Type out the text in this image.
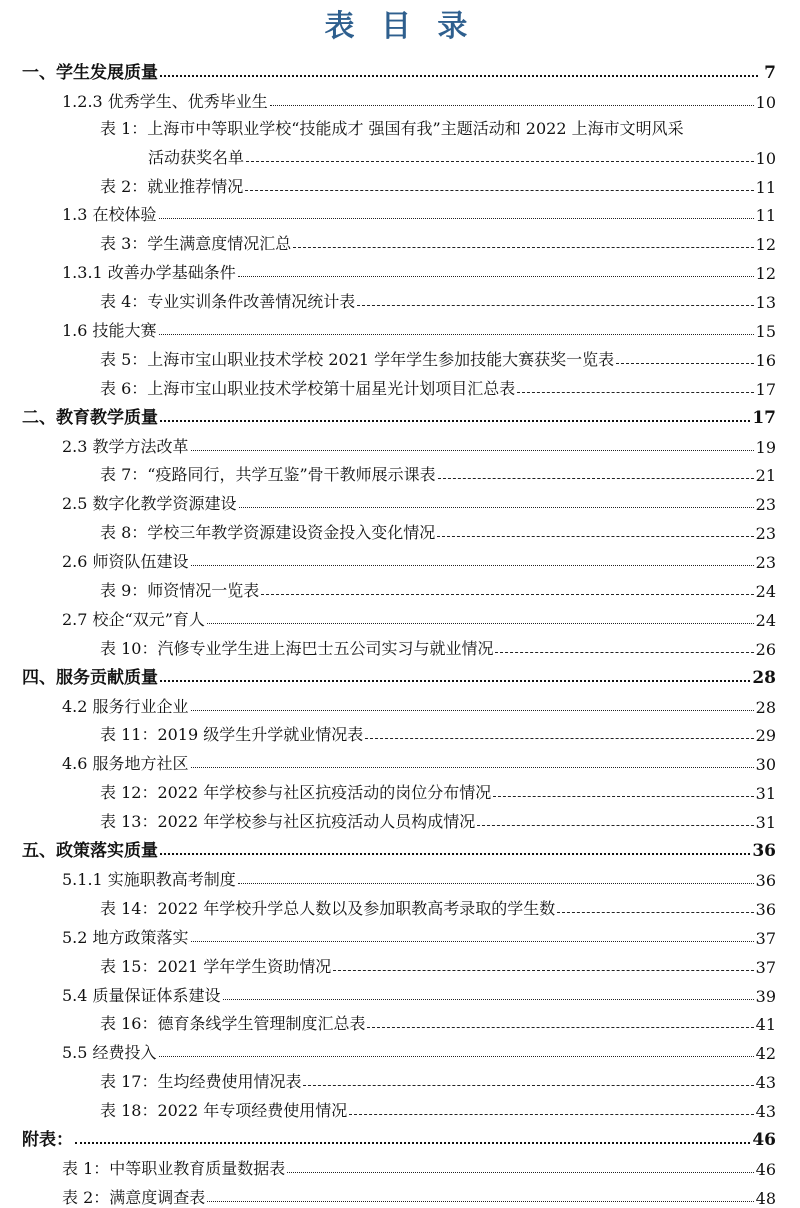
表 目 录
一、学生发展质量	7
1.2.3 优秀学生、优秀毕业生	10
表 1：上海市中等职业学校“技能成才 强国有我”主题活动和 2022 上海市文明风采
活动获奖名单	10
表 2：就业推荐情况	11
1.3 在校体验	11
表 3：学生满意度情况汇总	12
1.3.1 改善办学基础条件	12
表 4：专业实训条件改善情况统计表	13
1.6 技能大赛	15
表 5：上海市宝山职业技术学校 2021 学年学生参加技能大赛获奖一览表	16
表 6：上海市宝山职业技术学校第十届星光计划项目汇总表	17
二、教育教学质量	17
2.3 教学方法改革	19
表 7：“疫路同行，共学互鉴”骨干教师展示课表	21
2.5 数字化教学资源建设	23
表 8：学校三年教学资源建设资金投入变化情况	23
2.6 师资队伍建设	23
表 9：师资情况一览表	24
2.7 校企“双元”育人	24
表 10：汽修专业学生进上海巴士五公司实习与就业情况	26
四、服务贡献质量	28
4.2 服务行业企业	28
表 11：2019 级学生升学就业情况表	29
4.6 服务地方社区	30
表 12：2022 年学校参与社区抗疫活动的岗位分布情况	31
表 13：2022 年学校参与社区抗疫活动人员构成情况	31
五、政策落实质量	36
5.1.1 实施职教高考制度	36
表 14：2022 年学校升学总人数以及参加职教高考录取的学生数	36
5.2 地方政策落实	37
表 15：2021 学年学生资助情况	37
5.4 质量保证体系建设	39
表 16：德育条线学生管理制度汇总表	41
5.5 经费投入	42
表 17：生均经费使用情况表	43
表 18：2022 年专项经费使用情况	43
附表：	46
表 1：中等职业教育质量数据表	46
表 2：满意度调查表	48
